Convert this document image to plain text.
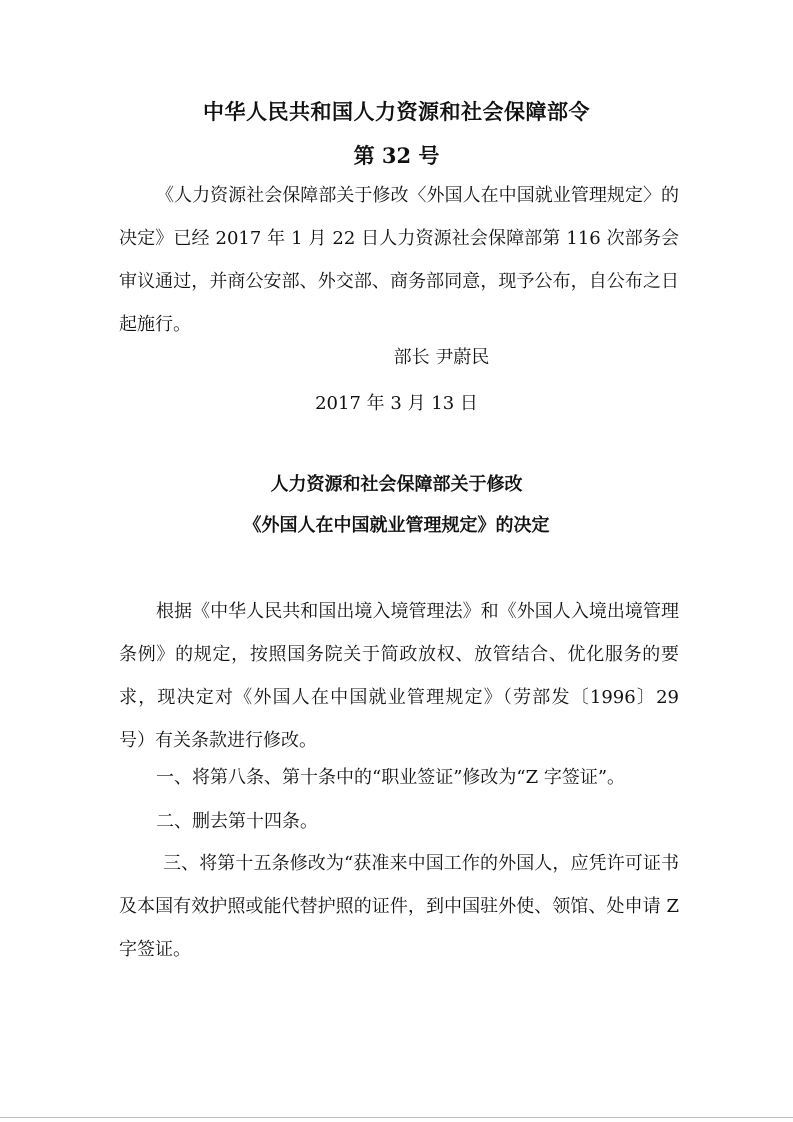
中华人民共和国人力资源和社会保障部令
第 32 号

《人力资源社会保障部关于修改〈外国人在中国就业管理规定〉的决定》已经 2017 年 1 月 22 日人力资源社会保障部第 116 次部务会审议通过，并商公安部、外交部、商务部同意，现予公布，自公布之日起施行。

部长 尹蔚民
2017 年 3 月 13 日
人力资源和社会保障部关于修改
《外国人在中国就业管理规定》的决定

根据《中华人民共和国出境入境管理法》和《外国人入境出境管理条例》的规定，按照国务院关于简政放权、放管结合、优化服务的要求，现决定对《外国人在中国就业管理规定》（劳部发〔1996〕29 号）有关条款进行修改。

一、将第八条、第十条中的“职业签证”修改为“Z 字签证”。

二、删去第十四条。

三、将第十五条修改为“获准来中国工作的外国人，应凭许可证书及本国有效护照或能代替护照的证件，到中国驻外使、领馆、处申请 Z 字签证。
